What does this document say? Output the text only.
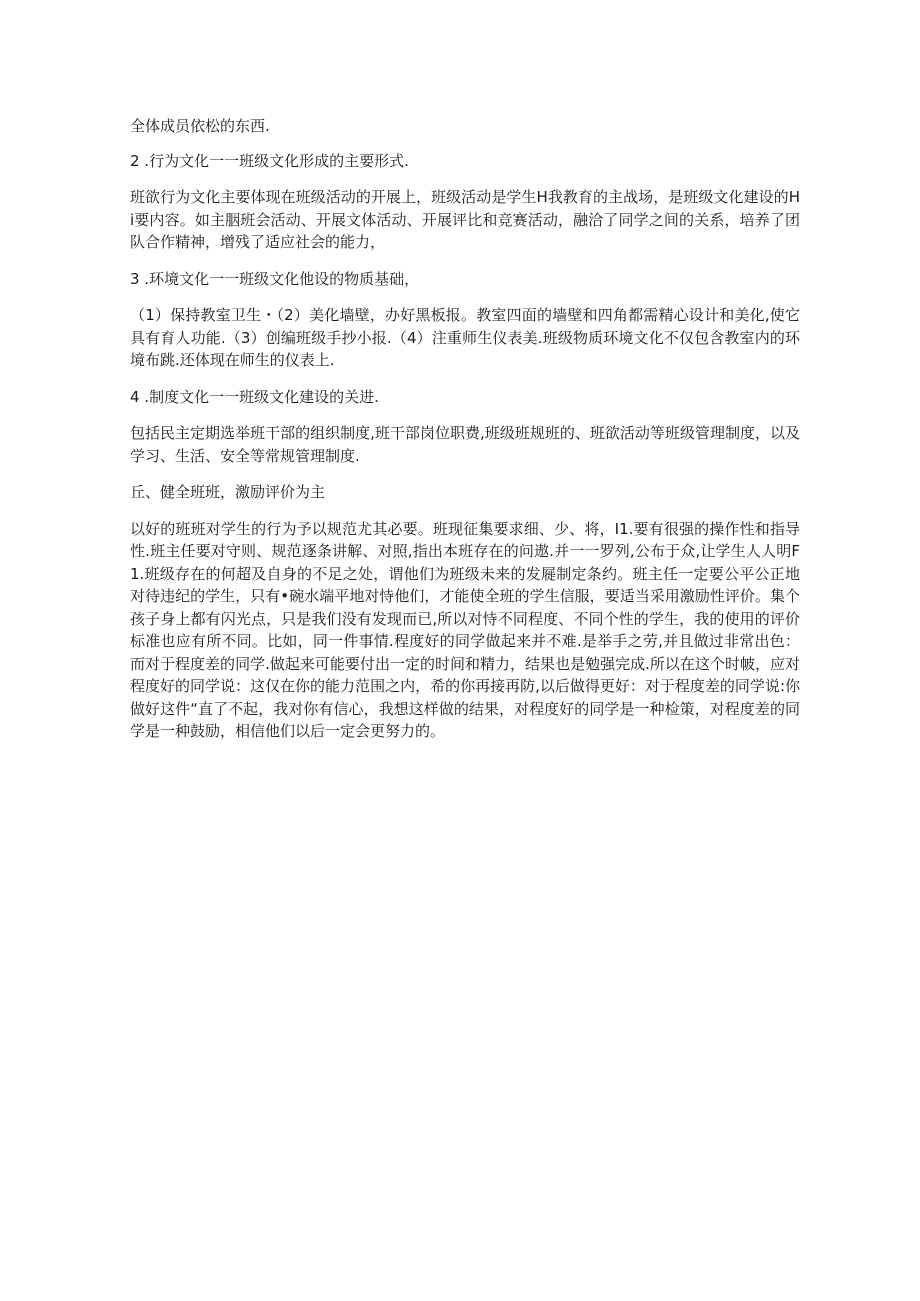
全体成员依松的东西.

2 .行为文化一一班级文化形成的主要形式.

班欲行为文化主要体现在班级活动的开展上，班级活动是学生H我教育的主战场，是班级文化建设的Hi要内容。如主胭班会活动、开展文体活动、开展评比和竞赛活动，融洽了同学之间的关系，培养了团队合作精神，增残了适应社会的能力，

3 .环境文化一一班级文化他设的物质基础，

（1）保持教室卫生・（2）美化墙壁，办好黑板报。教室四面的墙壁和四角都需精心设计和美化,使它具有育人功能.（3）创编班级手抄小报.（4）注重师生仪表美.班级物质环境文化不仅包含教室内的环境布跳.还体现在师生的仪表上.

4 .制度文化一一班级文化建设的关进.

包括民主定期选举班干部的组织制度,班干部岗位职费,班级班规班的、班欲活动等班级管理制度，以及学习、生活、安全等常规管理制度.

丘、健全班班，激励评价为主

以好的班班对学生的行为予以规范尤其必要。班现征集要求细、少、将，I1.要有很强的操作性和指导性.班主任要对守则、规范逐条讲解、对照,指出本班存在的问遨.并一一罗列,公布于众,让学生人人明F1.班级存在的何超及自身的不足之处，谓他们为班级未来的发屣制定条约。班主任一定要公平公正地对待违纪的学生，只有•碗水端平地对恃他们，才能使全班的学生信服，要适当采用激励性评价。集个孩子身上都有闪光点，只是我们没有发现而已,所以对恃不同程度、不同个性的学生，我的使用的评价标准也应有所不同。比如，同一件事情.程度好的同学做起来并不难.是举手之劳,并且做过非常出色：而对于程度差的同学.做起来可能要付出一定的时间和精力，结果也是勉强完成.所以在这个时帔，应对程度好的同学说：这仅在你的能力范围之内，希的你再接再防,以后做得更好：对于程度差的同学说:你做好这件“直了不起，我对你有信心，我想这样做的结果，对程度好的同学是一种检策，对程度差的同学是一种鼓励，相信他们以后一定会更努力的。
